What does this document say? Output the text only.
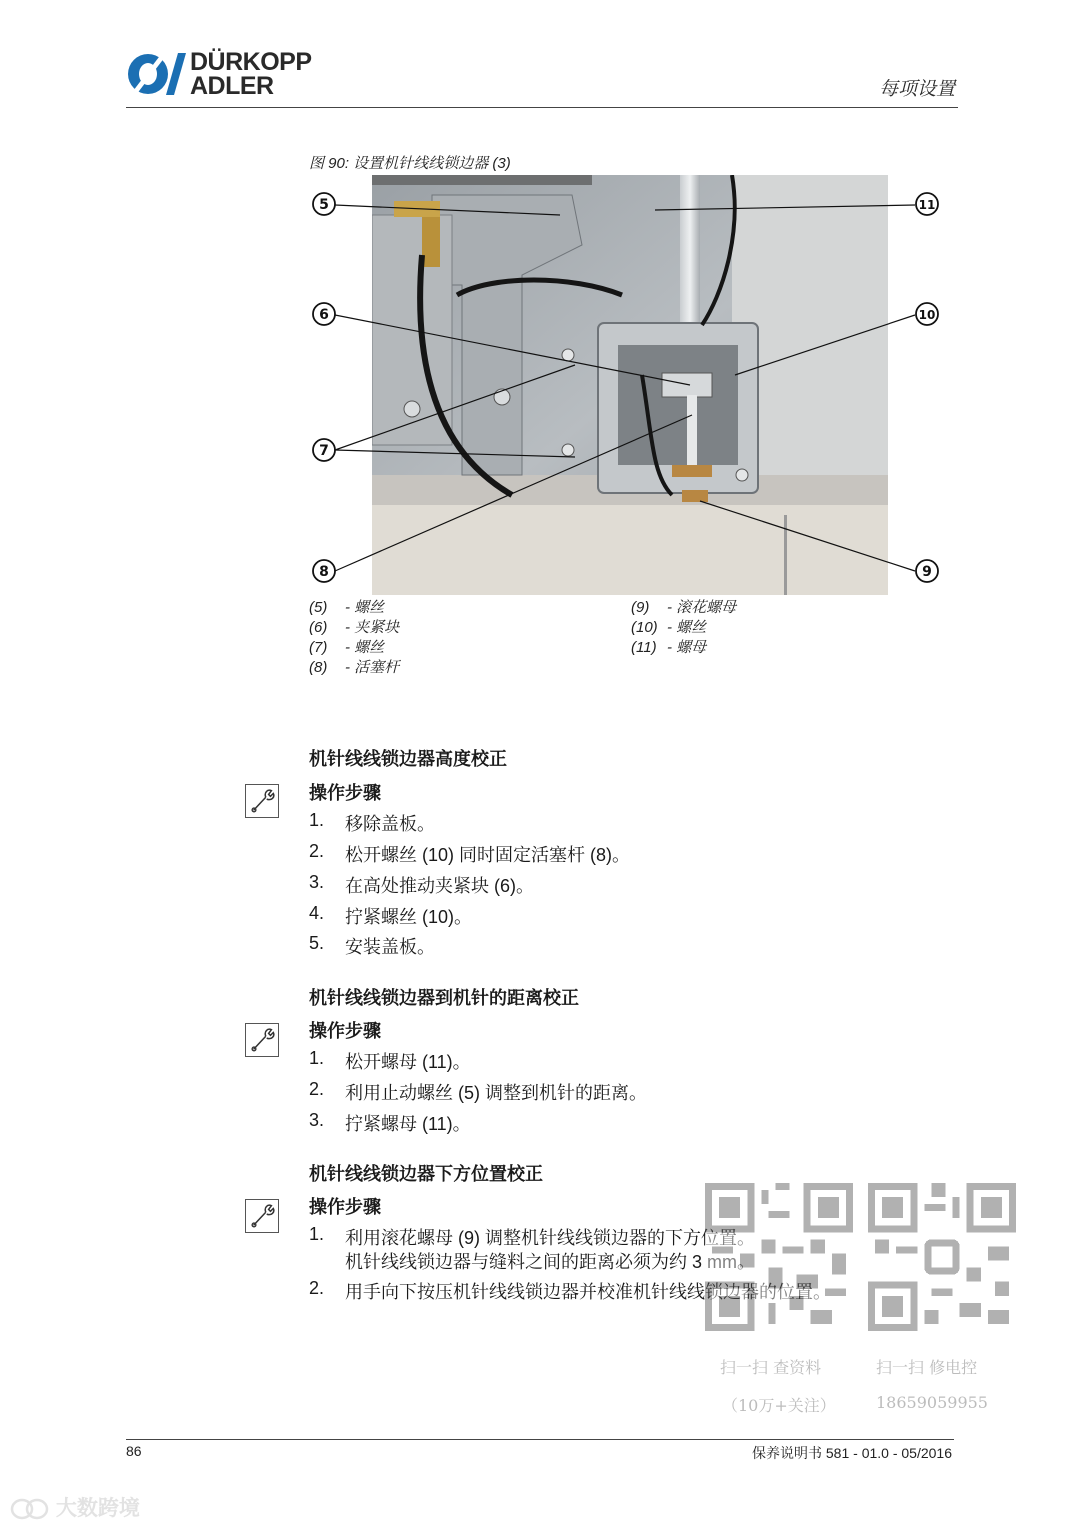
DÜRKOPP
ADLER	每项设置
图 90: 设置机针线线锁边器 (3)
5	11
6	10
7
8	9
(5) - 螺丝
(6) - 夹紧块
(7) - 螺丝
(8) - 活塞杆
(9) - 滚花螺母
(10) - 螺丝
(11) - 螺母
机针线线锁边器高度校正
操作步骤
1. 移除盖板。
2. 松开螺丝 (10) 同时固定活塞杆 (8)。
3. 在高处推动夹紧块 (6)。
4. 拧紧螺丝 (10)。
5. 安装盖板。
机针线线锁边器到机针的距离校正
操作步骤
1. 松开螺母 (11)。
2. 利用止动螺丝 (5) 调整到机针的距离。
3. 拧紧螺母 (11)。
机针线线锁边器下方位置校正
操作步骤
1. 利用滚花螺母 (9) 调整机针线线锁边器的下方位置。
机针线线锁边器与缝料之间的距离必须为约 3 mm。
2. 用手向下按压机针线线锁边器并校准机针线线锁边器的位置。
扫一扫 查资料
（10万+关注）
扫一扫 修电控
18659059955
86	保养说明书 581 - 01.0 - 05/2016
大数跨境
